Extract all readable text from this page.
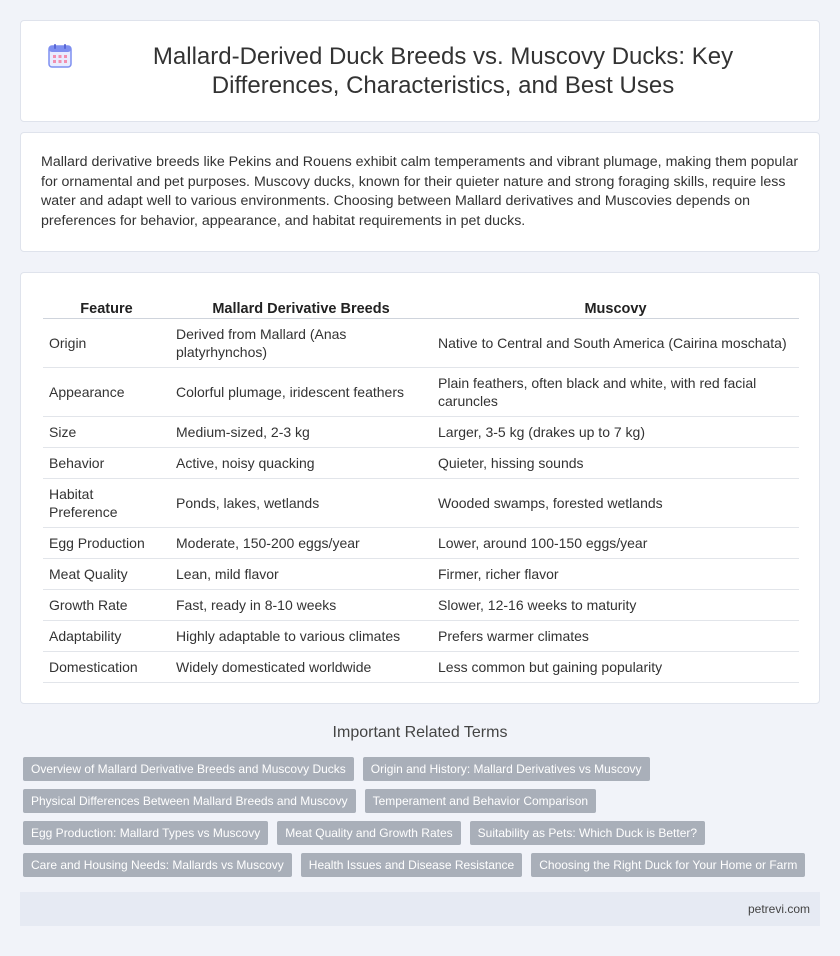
Mallard-Derived Duck Breeds vs. Muscovy Ducks: Key Differences, Characteristics, and Best Uses

Mallard derivative breeds like Pekins and Rouens exhibit calm temperaments and vibrant plumage, making them popular for ornamental and pet purposes. Muscovy ducks, known for their quieter nature and strong foraging skills, require less water and adapt well to various environments. Choosing between Mallard derivatives and Muscovies depends on preferences for behavior, appearance, and habitat requirements in pet ducks.

Feature	Mallard Derivative Breeds	Muscovy
Origin	Derived from Mallard (Anas platyrhynchos)	Native to Central and South America (Cairina moschata)
Appearance	Colorful plumage, iridescent feathers	Plain feathers, often black and white, with red facial caruncles
Size	Medium-sized, 2-3 kg	Larger, 3-5 kg (drakes up to 7 kg)
Behavior	Active, noisy quacking	Quieter, hissing sounds
Habitat Preference	Ponds, lakes, wetlands	Wooded swamps, forested wetlands
Egg Production	Moderate, 150-200 eggs/year	Lower, around 100-150 eggs/year
Meat Quality	Lean, mild flavor	Firmer, richer flavor
Growth Rate	Fast, ready in 8-10 weeks	Slower, 12-16 weeks to maturity
Adaptability	Highly adaptable to various climates	Prefers warmer climates
Domestication	Widely domesticated worldwide	Less common but gaining popularity
Important Related Terms
Overview of Mallard Derivative Breeds and Muscovy Ducks	Origin and History: Mallard Derivatives vs Muscovy
Physical Differences Between Mallard Breeds and Muscovy	Temperament and Behavior Comparison
Egg Production: Mallard Types vs Muscovy	Meat Quality and Growth Rates	Suitability as Pets: Which Duck is Better?
Care and Housing Needs: Mallards vs Muscovy	Health Issues and Disease Resistance	Choosing the Right Duck for Your Home or Farm
petrevi.com
